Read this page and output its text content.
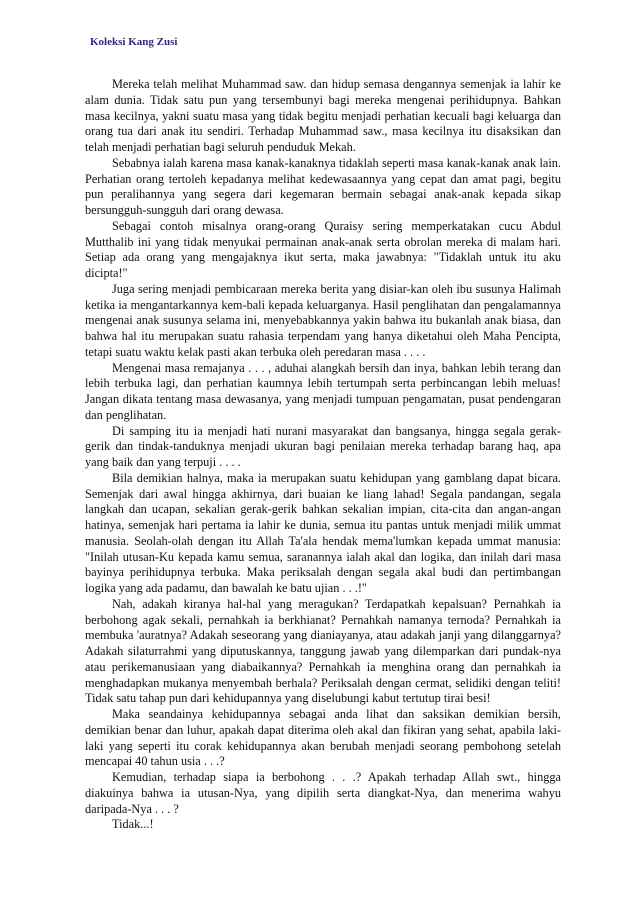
Koleksi Kang Zusi

Mereka telah melihat Muhammad saw. dan hidup semasa dengannya semenjak ia lahir ke alam dunia. Tidak satu pun yang tersembunyi bagi mereka mengenai perihidupnya. Bahkan masa kecilnya, yakni suatu masa yang tidak begitu menjadi perhatian kecuali bagi keluarga dan orang tua dari anak itu sendiri. Terhadap Muhammad saw., masa kecilnya itu disaksikan dan telah menjadi perhatian bagi seluruh penduduk Mekah.

Sebabnya ialah karena masa kanak-kanaknya tidaklah seperti masa kanak-kanak anak lain. Perhatian orang tertoleh kepadanya melihat kedewasaannya yang cepat dan amat pagi, begitu pun peralihannya yang segera dari kegemaran bermain sebagai anak-anak kepada sikap bersungguh-sungguh dari orang dewasa.

Sebagai contoh misalnya orang-orang Quraisy sering memperkatakan cucu Abdul Mutthalib ini yang tidak menyukai permainan anak-anak serta obrolan mereka di malam hari. Setiap ada orang yang mengajaknya ikut serta, maka jawabnya: "Tidaklah untuk itu aku dicipta!"

Juga sering menjadi pembicaraan mereka berita yang disiar-kan oleh ibu susunya Halimah ketika ia mengantarkannya kem-bali kepada keluarganya. Hasil penglihatan dan pengalamannya mengenai anak susunya selama ini, menyebabkannya yakin bahwa itu bukanlah anak biasa, dan bahwa hal itu merupakan suatu rahasia terpendam yang hanya diketahui oleh Maha Pencipta, tetapi suatu waktu kelak pasti akan terbuka oleh peredaran masa . . . .

Mengenai masa remajanya . . . , aduhai alangkah bersih dan inya, bahkan lebih terang dan lebih terbuka lagi, dan perhatian kaumnya lebih tertumpah serta perbincangan lebih meluas! Jangan dikata tentang masa dewasanya, yang menjadi tumpuan pengamatan, pusat pendengaran dan penglihatan.

Di samping itu ia menjadi hati nurani masyarakat dan bangsanya, hingga segala gerak-gerik dan tindak-tanduknya menjadi ukuran bagi penilaian mereka terhadap barang haq, apa yang baik dan yang terpuji . . . .

Bila demikian halnya, maka ia merupakan suatu kehidupan yang gamblang dapat bicara. Semenjak dari awal hingga akhirnya, dari buaian ke liang lahad! Segala pandangan, segala langkah dan ucapan, sekalian gerak-gerik bahkan sekalian impian, cita-cita dan angan-angan hatinya, semenjak hari pertama ia lahir ke dunia, semua itu pantas untuk menjadi milik ummat manusia. Seolah-olah dengan itu Allah Ta'ala hendak mema'lumkan kepada ummat manusia: "Inilah utusan-Ku kepada kamu semua, saranannya ialah akal dan logika, dan inilah dari masa bayinya perihidupnya terbuka. Maka periksalah dengan segala akal budi dan pertimbangan logika yang ada padamu, dan bawalah ke batu ujian . . .!"

Nah, adakah kiranya hal-hal yang meragukan? Terdapatkah kepalsuan? Pernahkah ia berbohong agak sekali, pernahkah ia berkhianat? Pernahkah namanya ternoda? Pernahkah ia membuka 'auratnya? Adakah seseorang yang dianiayanya, atau adakah janji yang dilanggarnya? Adakah silaturrahmi yang diputuskannya, tanggung jawab yang dilemparkan dari pundak-nya atau perikemanusiaan yang diabaikannya? Pernahkah ia menghina orang dan pernahkah ia menghadapkan mukanya menyembah berhala? Periksalah dengan cermat, selidiki dengan teliti! Tidak satu tahap pun dari kehidupannya yang diselubungi kabut tertutup tirai besi!

Maka seandainya kehidupannya sebagai anda lihat dan saksikan demikian bersih, demikian benar dan luhur, apakah dapat diterima oleh akal dan fikiran yang sehat, apabila laki-laki yang seperti itu corak kehidupannya akan berubah menjadi seorang pembohong setelah mencapai 40 tahun usia . . .?

Kemudian, terhadap siapa ia berbohong . . .? Apakah terhadap Allah swt., hingga diakuinya bahwa ia utusan-Nya, yang dipilih serta diangkat-Nya, dan menerima wahyu daripada-Nya . . . ?

Tidak...!
